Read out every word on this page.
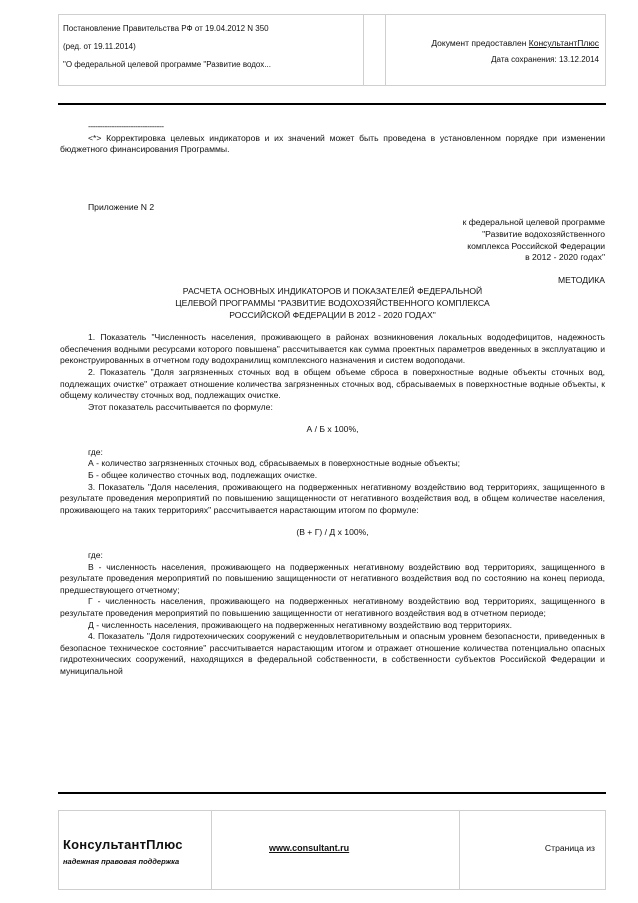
Постановление Правительства РФ от 19.04.2012 N 350
(ред. от 19.11.2014)
"О федеральной целевой программе "Развитие водох...
Документ предоставлен КонсультантПлюс
Дата сохранения: 13.12.2014
--------------------------------

<*> Корректировка целевых индикаторов и их значений может быть проведена в установленном порядке при изменении бюджетного финансирования Программы.

Приложение N 2
к федеральной целевой программе
"Развитие водохозяйственного
комплекса Российской Федерации
в 2012 - 2020 годах"
МЕТОДИКА
РАСЧЕТА ОСНОВНЫХ ИНДИКАТОРОВ И ПОКАЗАТЕЛЕЙ ФЕДЕРАЛЬНОЙ
ЦЕЛЕВОЙ ПРОГРАММЫ "РАЗВИТИЕ ВОДОХОЗЯЙСТВЕННОГО КОМПЛЕКСА
РОССИЙСКОЙ ФЕДЕРАЦИИ В 2012 - 2020 ГОДАХ"

1. Показатель "Численность населения, проживающего в районах возникновения локальных вододефицитов, надежность обеспечения водными ресурсами которого повышена" рассчитывается как сумма проектных параметров введенных в эксплуатацию и реконструированных в отчетном году водохранилищ комплексного назначения и систем водоподачи.

2. Показатель "Доля загрязненных сточных вод в общем объеме сброса в поверхностные водные объекты сточных вод, подлежащих очистке" отражает отношение количества загрязненных сточных вод, сбрасываемых в поверхностные водные объекты, к общему количеству сточных вод, подлежащих очистке.

Этот показатель рассчитывается по формуле:

А / Б x 100%,
где:

А - количество загрязненных сточных вод, сбрасываемых в поверхностные водные объекты;

Б - общее количество сточных вод, подлежащих очистке.

3. Показатель "Доля населения, проживающего на подверженных негативному воздействию вод территориях, защищенного в результате проведения мероприятий по повышению защищенности от негативного воздействия вод, в общем количестве населения, проживающего на таких территориях" рассчитывается нарастающим итогом по формуле:

(В + Г) / Д x 100%,
где:

В - численность населения, проживающего на подверженных негативному воздействию вод территориях, защищенного в результате проведения мероприятий по повышению защищенности от негативного воздействия вод по состоянию на конец периода, предшествующего отчетному;

Г - численность населения, проживающего на подверженных негативному воздействию вод территориях, защищенного в результате проведения мероприятий по повышению защищенности от негативного воздействия вод в отчетном периоде;

Д - численность населения, проживающего на подверженных негативному воздействию вод территориях.

4. Показатель "Доля гидротехнических сооружений с неудовлетворительным и опасным уровнем безопасности, приведенных в безопасное техническое состояние" рассчитывается нарастающим итогом и отражает отношение количества потенциально опасных гидротехнических сооружений, находящихся в федеральной собственности, в собственности субъектов Российской Федерации и муниципальной

КонсультантПлюс
надежная правовая поддержка
www.consultant.ru	Страница из
